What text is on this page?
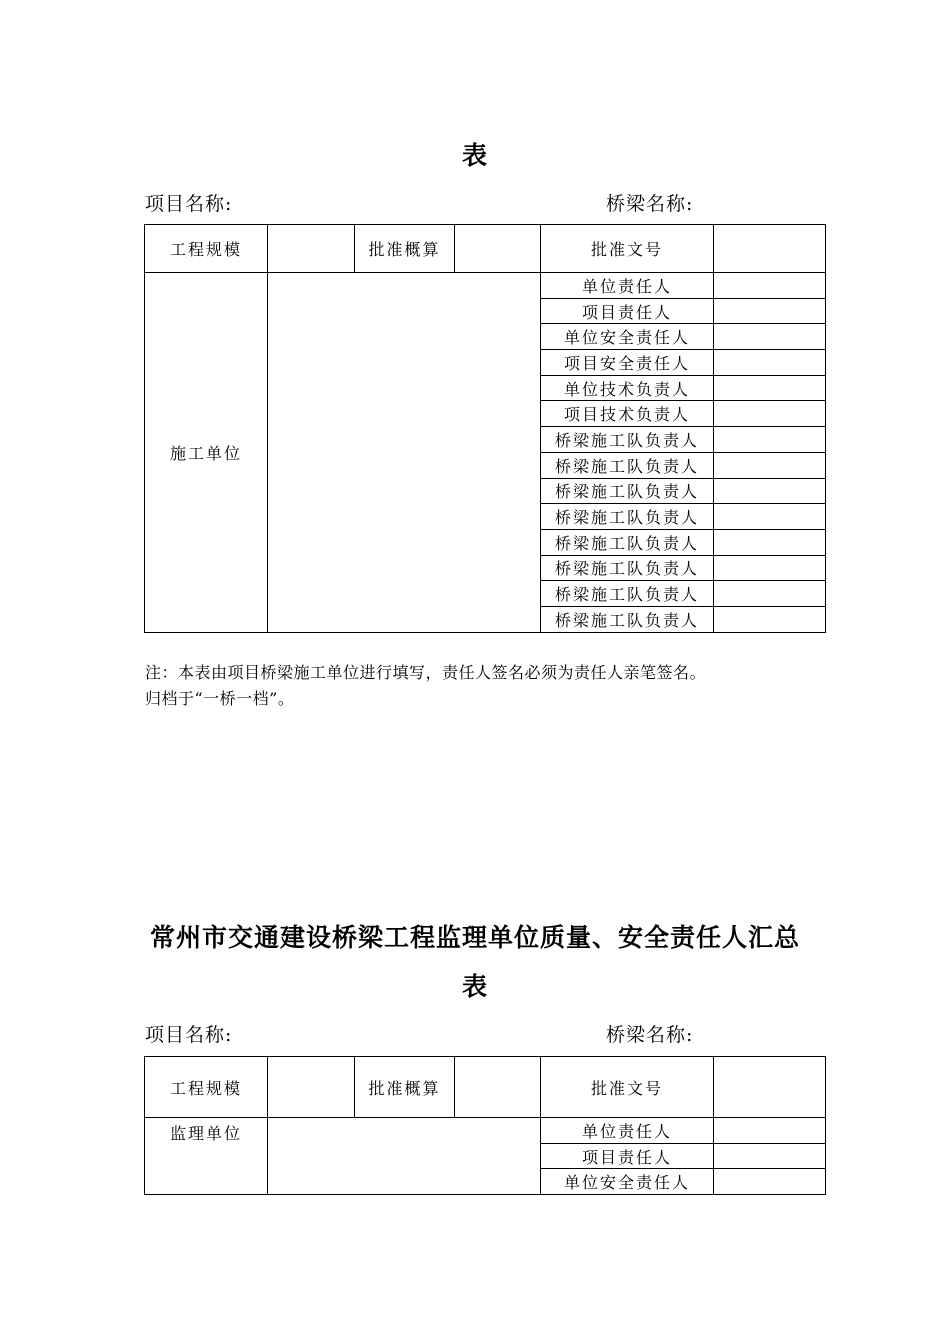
表
项目名称:	桥梁名称:
工程规模		批准概算		批准文号	
施工单位				单位责任人	
				项目责任人	
				单位安全责任人	
				项目安全责任人	
				单位技术负责人	
				项目技术负责人	
				桥梁施工队负责人	
				桥梁施工队负责人	
				桥梁施工队负责人	
				桥梁施工队负责人	
				桥梁施工队负责人	
				桥梁施工队负责人	
				桥梁施工队负责人	
				桥梁施工队负责人	
注：本表由项目桥梁施工单位进行填写，责任人签名必须为责任人亲笔签名。
归档于“一桥一档”。
常州市交通建设桥梁工程监理单位质量、安全责任人汇总
表
项目名称:	桥梁名称:
工程规模		批准概算		批准文号	
监理单位				单位责任人	
				项目责任人	
				单位安全责任人	
